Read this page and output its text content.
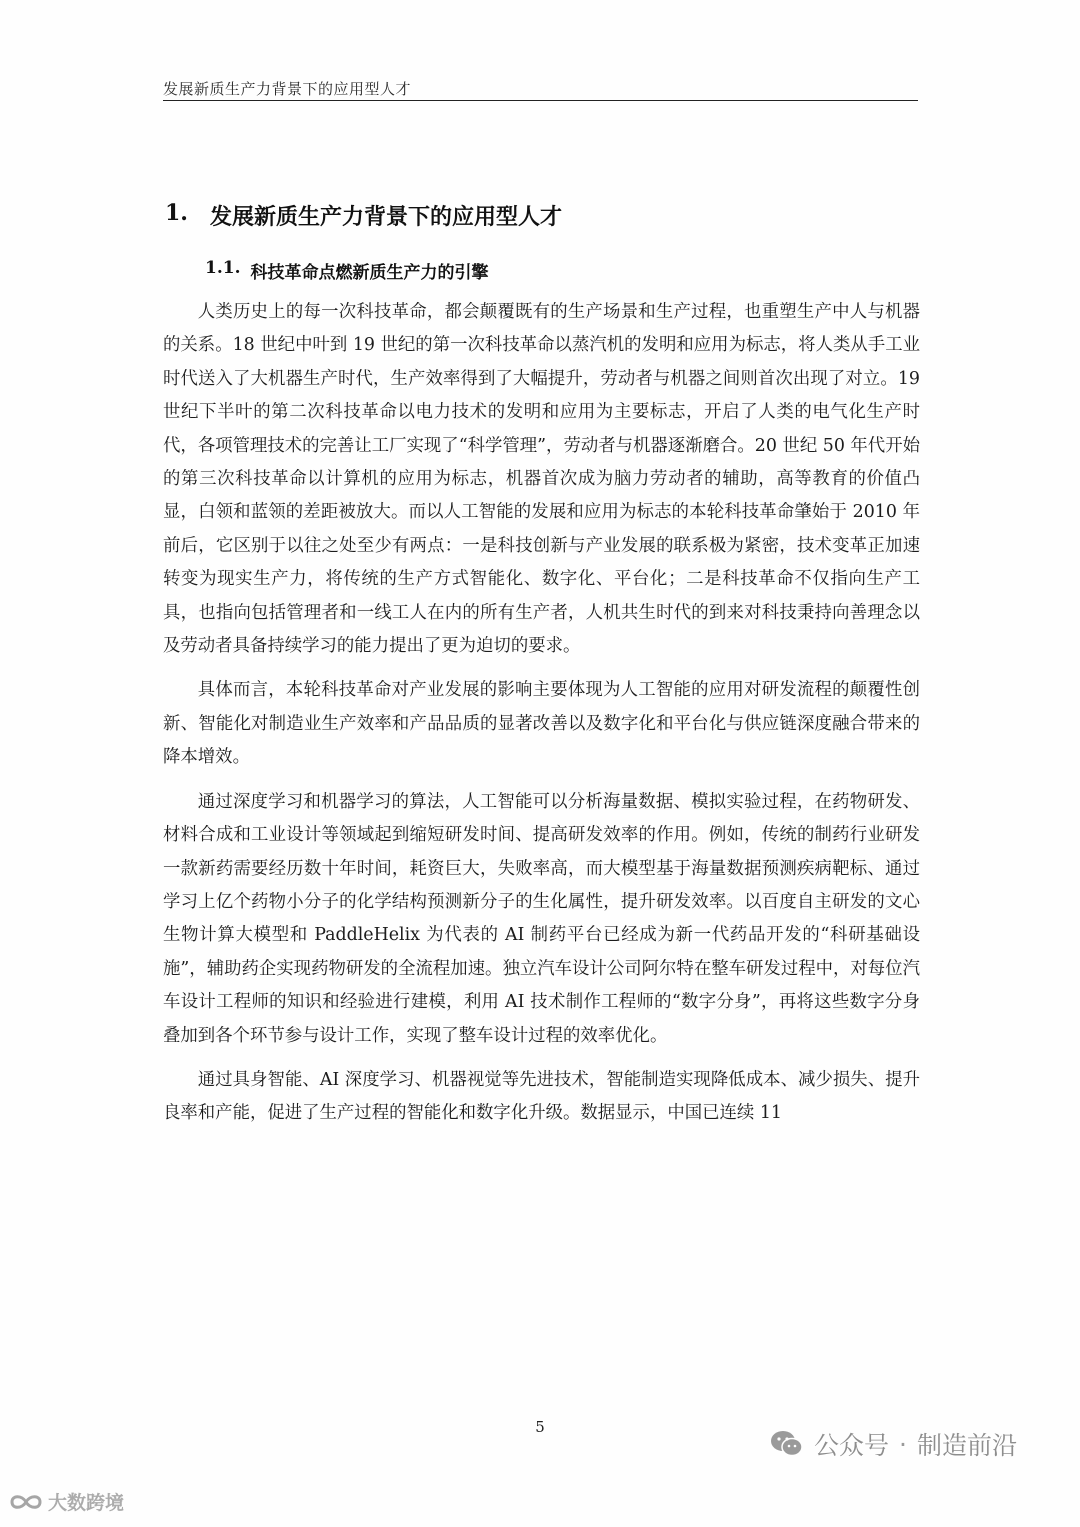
发展新质生产力背景下的应用型人才
1. 发展新质生产力背景下的应用型人才
1.1. 科技革命点燃新质生产力的引擎

人类历史上的每一次科技革命，都会颠覆既有的生产场景和生产过程，也重塑生产中人与机器的关系。18 世纪中叶到 19 世纪的第一次科技革命以蒸汽机的发明和应用为标志，将人类从手工业时代送入了大机器生产时代，生产效率得到了大幅提升，劳动者与机器之间则首次出现了对立。19 世纪下半叶的第二次科技革命以电力技术的发明和应用为主要标志，开启了人类的电气化生产时代，各项管理技术的完善让工厂实现了“科学管理”，劳动者与机器逐渐磨合。20 世纪 50 年代开始的第三次科技革命以计算机的应用为标志，机器首次成为脑力劳动者的辅助，高等教育的价值凸显，白领和蓝领的差距被放大。而以人工智能的发展和应用为标志的本轮科技革命肇始于 2010 年前后，它区别于以往之处至少有两点：一是科技创新与产业发展的联系极为紧密，技术变革正加速转变为现实生产力，将传统的生产方式智能化、数字化、平台化；二是科技革命不仅指向生产工具，也指向包括管理者和一线工人在内的所有生产者，人机共生时代的到来对科技秉持向善理念以及劳动者具备持续学习的能力提出了更为迫切的要求。

具体而言，本轮科技革命对产业发展的影响主要体现为人工智能的应用对研发流程的颠覆性创新、智能化对制造业生产效率和产品品质的显著改善以及数字化和平台化与供应链深度融合带来的降本增效。

通过深度学习和机器学习的算法，人工智能可以分析海量数据、模拟实验过程，在药物研发、材料合成和工业设计等领域起到缩短研发时间、提高研发效率的作用。例如，传统的制药行业研发一款新药需要经历数十年时间，耗资巨大，失败率高，而大模型基于海量数据预测疾病靶标、通过学习上亿个药物小分子的化学结构预测新分子的生化属性，提升研发效率。以百度自主研发的文心生物计算大模型和 PaddleHelix 为代表的 AI 制药平台已经成为新一代药品开发的“科研基础设施”，辅助药企实现药物研发的全流程加速。独立汽车设计公司阿尔特在整车研发过程中，对每位汽车设计工程师的知识和经验进行建模，利用 AI 技术制作工程师的“数字分身”，再将这些数字分身叠加到各个环节参与设计工作，实现了整车设计过程的效率优化。

通过具身智能、AI 深度学习、机器视觉等先进技术，智能制造实现降低成本、减少损失、提升良率和产能，促进了生产过程的智能化和数字化升级。数据显示，中国已连续 11

5
公众号 · 制造前沿
大数跨境
